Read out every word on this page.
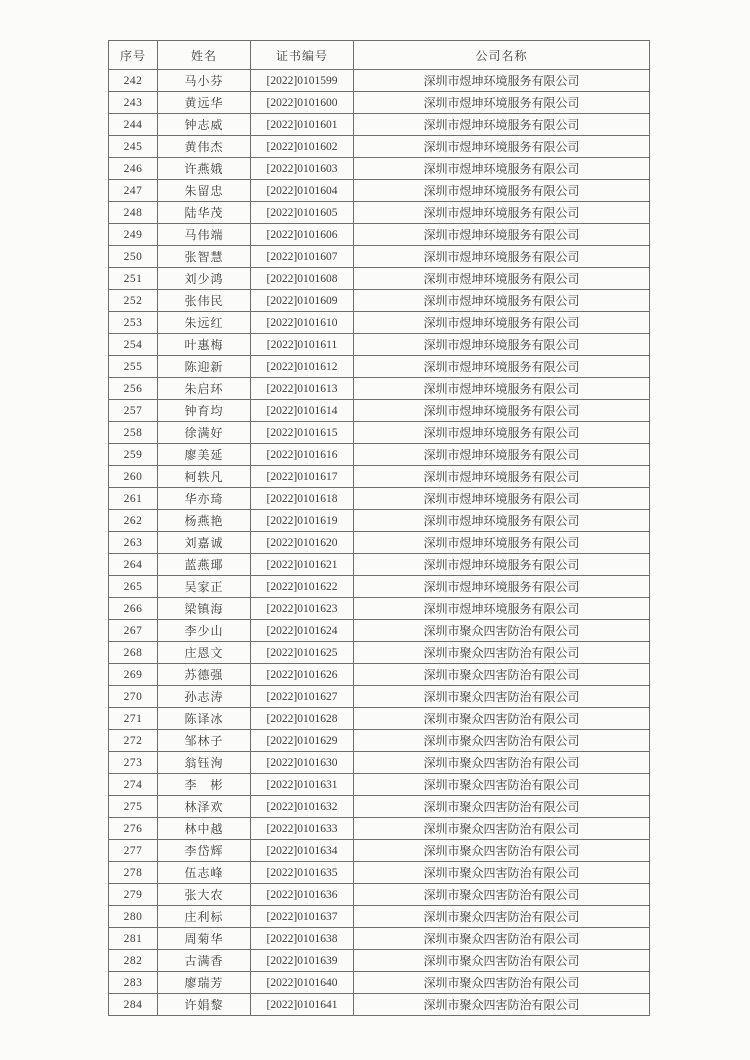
序号	姓名	证书编号	公司名称
242	马小芬	[2022]0101599	深圳市煜坤环境服务有限公司
243	黄远华	[2022]0101600	深圳市煜坤环境服务有限公司
244	钟志威	[2022]0101601	深圳市煜坤环境服务有限公司
245	黄伟杰	[2022]0101602	深圳市煜坤环境服务有限公司
246	许燕娥	[2022]0101603	深圳市煜坤环境服务有限公司
247	朱留忠	[2022]0101604	深圳市煜坤环境服务有限公司
248	陆华茂	[2022]0101605	深圳市煜坤环境服务有限公司
249	马伟端	[2022]0101606	深圳市煜坤环境服务有限公司
250	张智慧	[2022]0101607	深圳市煜坤环境服务有限公司
251	刘少鸿	[2022]0101608	深圳市煜坤环境服务有限公司
252	张伟民	[2022]0101609	深圳市煜坤环境服务有限公司
253	朱远红	[2022]0101610	深圳市煜坤环境服务有限公司
254	叶惠梅	[2022]0101611	深圳市煜坤环境服务有限公司
255	陈迎新	[2022]0101612	深圳市煜坤环境服务有限公司
256	朱启环	[2022]0101613	深圳市煜坤环境服务有限公司
257	钟育均	[2022]0101614	深圳市煜坤环境服务有限公司
258	徐满好	[2022]0101615	深圳市煜坤环境服务有限公司
259	廖美延	[2022]0101616	深圳市煜坤环境服务有限公司
260	柯轶凡	[2022]0101617	深圳市煜坤环境服务有限公司
261	华亦琦	[2022]0101618	深圳市煜坤环境服务有限公司
262	杨燕艳	[2022]0101619	深圳市煜坤环境服务有限公司
263	刘嘉诚	[2022]0101620	深圳市煜坤环境服务有限公司
264	蓝燕瑘	[2022]0101621	深圳市煜坤环境服务有限公司
265	吴家正	[2022]0101622	深圳市煜坤环境服务有限公司
266	梁镇海	[2022]0101623	深圳市煜坤环境服务有限公司
267	李少山	[2022]0101624	深圳市聚众四害防治有限公司
268	庄恩文	[2022]0101625	深圳市聚众四害防治有限公司
269	苏德强	[2022]0101626	深圳市聚众四害防治有限公司
270	孙志涛	[2022]0101627	深圳市聚众四害防治有限公司
271	陈译冰	[2022]0101628	深圳市聚众四害防治有限公司
272	邹林子	[2022]0101629	深圳市聚众四害防治有限公司
273	翁钰洵	[2022]0101630	深圳市聚众四害防治有限公司
274	李　彬	[2022]0101631	深圳市聚众四害防治有限公司
275	林泽欢	[2022]0101632	深圳市聚众四害防治有限公司
276	林中越	[2022]0101633	深圳市聚众四害防治有限公司
277	李岱辉	[2022]0101634	深圳市聚众四害防治有限公司
278	伍志峰	[2022]0101635	深圳市聚众四害防治有限公司
279	张大农	[2022]0101636	深圳市聚众四害防治有限公司
280	庄利标	[2022]0101637	深圳市聚众四害防治有限公司
281	周菊华	[2022]0101638	深圳市聚众四害防治有限公司
282	古满香	[2022]0101639	深圳市聚众四害防治有限公司
283	廖瑞芳	[2022]0101640	深圳市聚众四害防治有限公司
284	许娟黎	[2022]0101641	深圳市聚众四害防治有限公司
